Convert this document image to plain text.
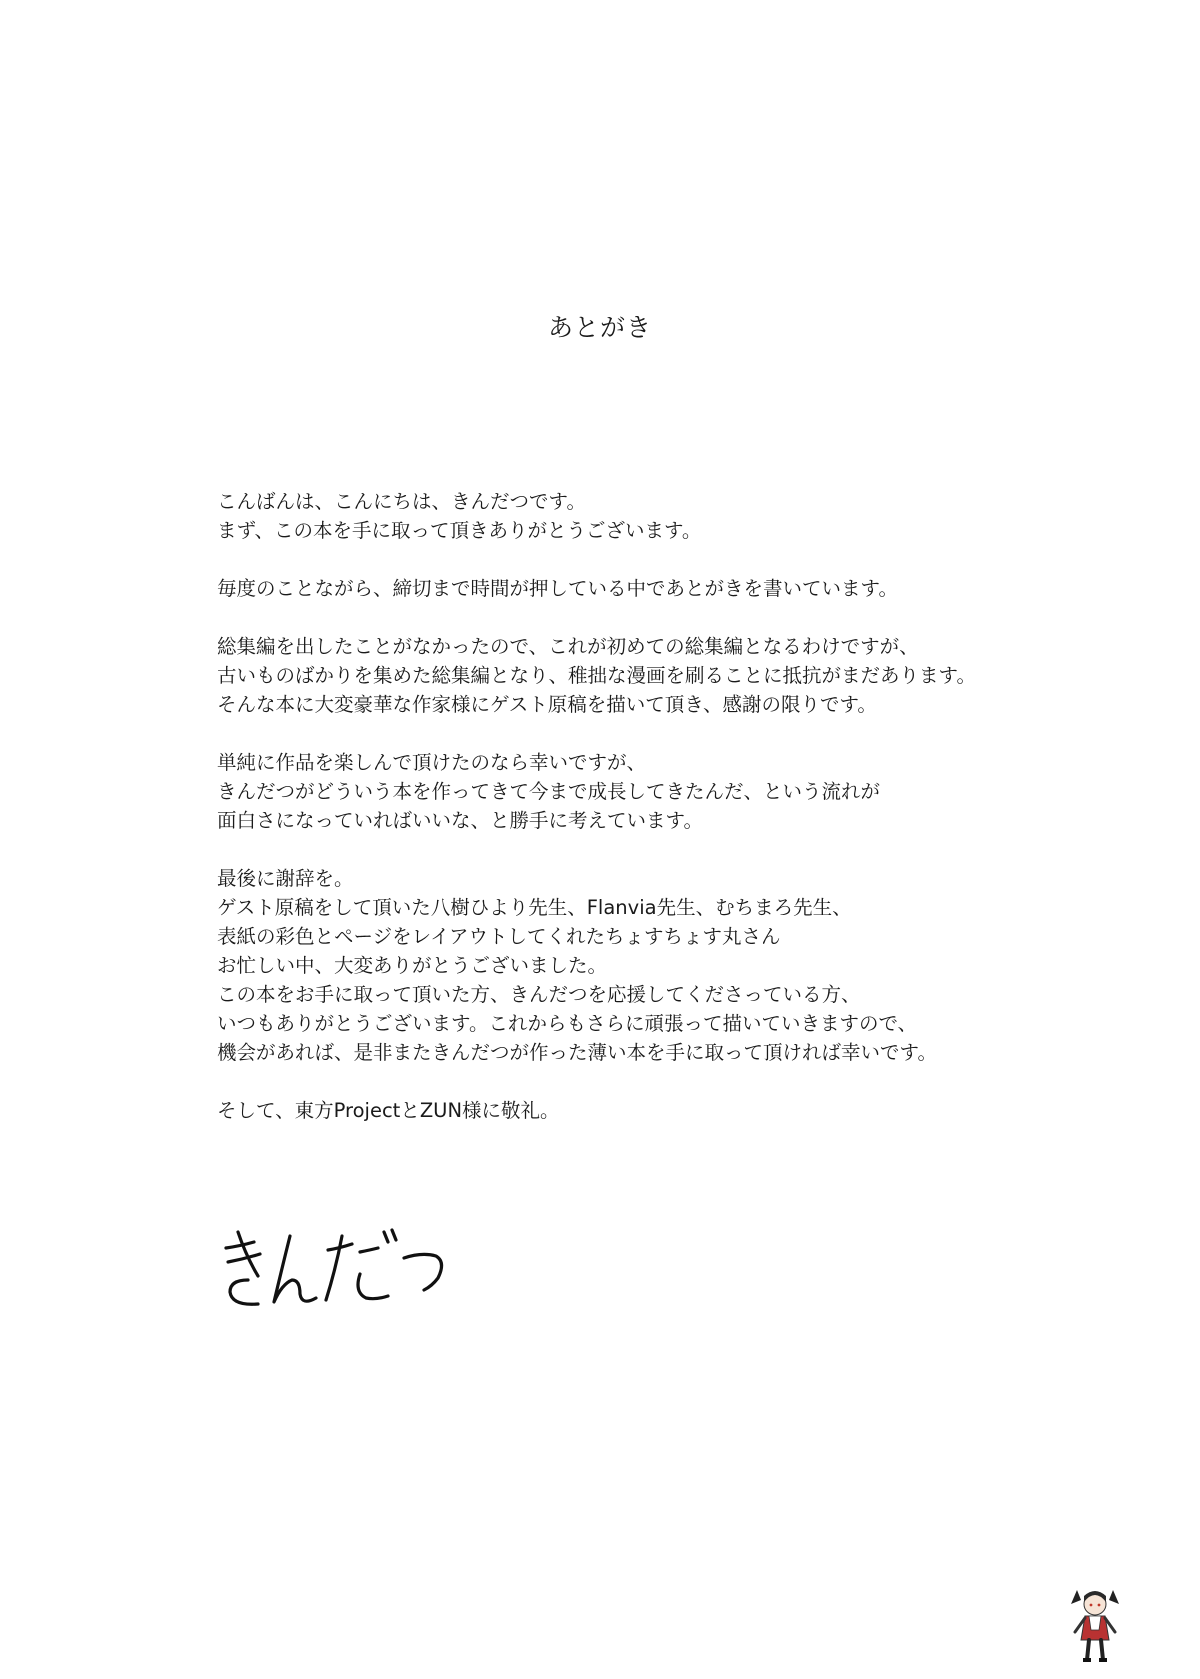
あとがき
こんばんは、こんにちは、きんだつです。
まず、この本を手に取って頂きありがとうございます。
毎度のことながら、締切まで時間が押している中であとがきを書いています。
総集編を出したことがなかったので、これが初めての総集編となるわけですが、
古いものばかりを集めた総集編となり、稚拙な漫画を刷ることに抵抗がまだあります。
そんな本に大変豪華な作家様にゲスト原稿を描いて頂き、感謝の限りです。
単純に作品を楽しんで頂けたのなら幸いですが、
きんだつがどういう本を作ってきて今まで成長してきたんだ、という流れが
面白さになっていればいいな、と勝手に考えています。
最後に謝辞を。
ゲスト原稿をして頂いた八樹ひより先生、Flanvia先生、むちまろ先生、
表紙の彩色とページをレイアウトしてくれたちょすちょす丸さん
お忙しい中、大変ありがとうございました。
この本をお手に取って頂いた方、きんだつを応援してくださっている方、
いつもありがとうございます。これからもさらに頑張って描いていきますので、
機会があれば、是非またきんだつが作った薄い本を手に取って頂ければ幸いです。
そして、東方ProjectとZUN様に敬礼。
